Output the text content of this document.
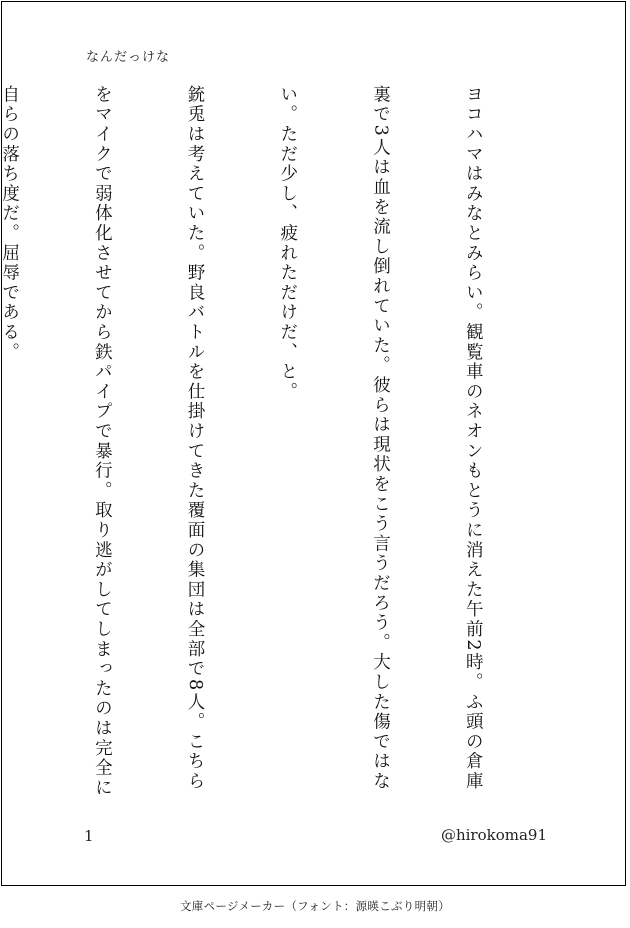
なんだっけな

ヨコハマはみなとみらい。観覧車のネオンもとうに消えた午前2時。ふ頭の倉庫

裏で3人は血を流し倒れていた。彼らは現状をこう言うだろう。大した傷ではな

い。ただ少し、疲れただけだ、と。

銃兎は考えていた。野良バトルを仕掛けてきた覆面の集団は全部で8人。こちら

をマイクで弱体化させてから鉄パイプで暴行。取り逃がしてしまったのは完全に

自らの落ち度だ。屈辱である。

1	@hirokoma91
文庫ページメーカー（フォント：源暎こぶり明朝）
